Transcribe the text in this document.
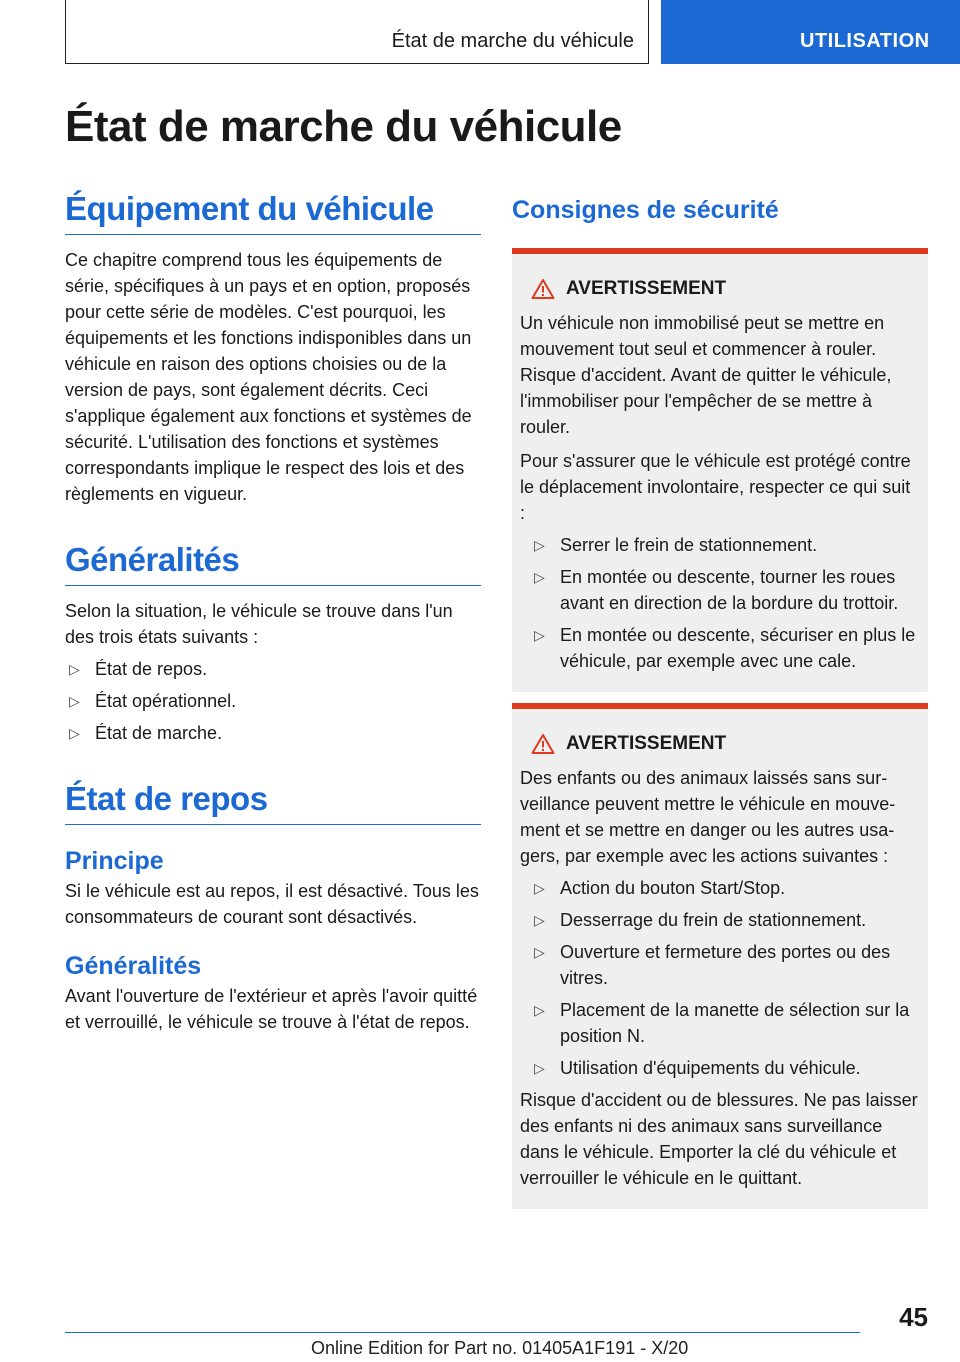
État de marche du véhicule	UTILISATION
État de marche du véhicule
Équipement du véhicule

Ce chapitre comprend tous les équipements de série, spécifiques à un pays et en option, proposés pour cette série de modèles. C'est pourquoi, les équipements et les fonctions indisponibles dans un véhicule en raison des options choisies ou de la version de pays, sont également décrits. Ceci s'applique également aux fonctions et systèmes de sécurité. L'utilisation des fonctions et systèmes correspondants implique le respect des lois et des règlements en vigueur.

Généralités

Selon la situation, le véhicule se trouve dans l'un des trois états suivants :

▷ État de repos.
▷ État opérationnel.
▷ État de marche.
État de repos
Principe

Si le véhicule est au repos, il est désactivé. Tous les consommateurs de courant sont désactivés.

Généralités

Avant l'ouverture de l'extérieur et après l'avoir quitté et verrouillé, le véhicule se trouve à l'état de repos.

Consignes de sécurité
AVERTISSEMENT

Un véhicule non immobilisé peut se mettre en mouvement tout seul et commencer à rouler. Risque d'accident. Avant de quitter le véhicule, l'immobiliser pour l'empêcher de se mettre à rouler.

Pour s'assurer que le véhicule est protégé contre le déplacement involontaire, respecter ce qui suit :

▷ Serrer le frein de stationnement.
▷ En montée ou descente, tourner les roues avant en direction de la bordure du trottoir.
▷ En montée ou descente, sécuriser en plus le véhicule, par exemple avec une cale.
AVERTISSEMENT

Des enfants ou des animaux laissés sans surveillance peuvent mettre le véhicule en mouvement et se mettre en danger ou les autres usagers, par exemple avec les actions suivantes :

▷ Action du bouton Start/Stop.
▷ Desserrage du frein de stationnement.
▷ Ouverture et fermeture des portes ou des vitres.
▷ Placement de la manette de sélection sur la position N.
▷ Utilisation d'équipements du véhicule.

Risque d'accident ou de blessures. Ne pas laisser des enfants ni des animaux sans surveillance dans le véhicule. Emporter la clé du véhicule et verrouiller le véhicule en le quittant.

45
Online Edition for Part no. 01405A1F191 - X/20
